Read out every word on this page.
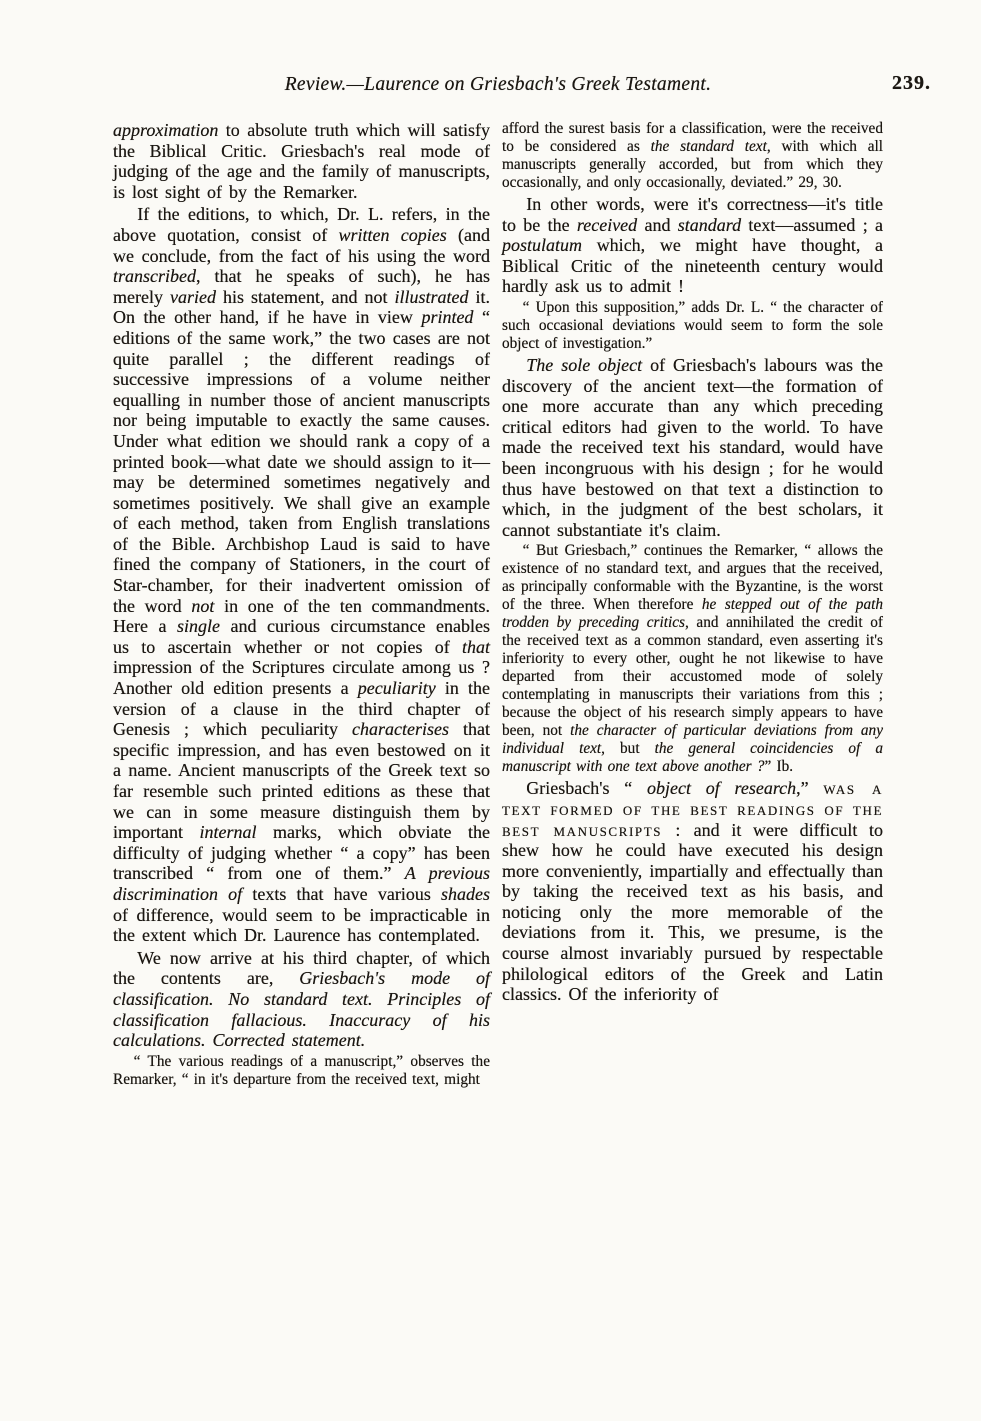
Review.—Laurence on Griesbach's Greek Testament.	239.

approximation to absolute truth which will satisfy the Biblical Critic. Griesbach's real mode of judging of the age and the family of manuscripts, is lost sight of by the Remarker.

If the editions, to which, Dr. L. refers, in the above quotation, consist of written copies (and we conclude, from the fact of his using the word transcribed, that he speaks of such), he has merely varied his statement, and not illustrated it. On the other hand, if he have in view printed “ editions of the same work,” the two cases are not quite parallel ; the different readings of successive impressions of a volume neither equalling in number those of ancient manuscripts nor being imputable to exactly the same causes. Under what edition we should rank a copy of a printed book—what date we should assign to it—may be determined sometimes negatively and sometimes positively. We shall give an example of each method, taken from English translations of the Bible. Archbishop Laud is said to have fined the company of Stationers, in the court of Star-chamber, for their inadvertent omission of the word not in one of the ten commandments. Here a single and curious circumstance enables us to ascertain whether or not copies of that impression of the Scriptures circulate among us ? Another old edition presents a peculiarity in the version of a clause in the third chapter of Genesis ; which peculiarity characterises that specific impression, and has even bestowed on it a name. Ancient manuscripts of the Greek text so far resemble such printed editions as these that we can in some measure distinguish them by important internal marks, which obviate the difficulty of judging whether “ a copy” has been transcribed “ from one of them.” A previous discrimination of texts that have various shades of difference, would seem to be impracticable in the extent which Dr. Laurence has contemplated.

We now arrive at his third chapter, of which the contents are, Griesbach's mode of classification. No standard text. Principles of classification fallacious. Inaccuracy of his calculations. Corrected statement.

“ The various readings of a manuscript,” observes the Remarker, “ in it's departure from the received text, might

afford the surest basis for a classification, were the received to be considered as the standard text, with which all manuscripts generally accorded, but from which they occasionally, and only occasionally, deviated.” 29, 30.

In other words, were it's correctness—it's title to be the received and standard text—assumed ; a postulatum which, we might have thought, a Biblical Critic of the nineteenth century would hardly ask us to admit !

“ Upon this supposition,” adds Dr. L. “ the character of such occasional deviations would seem to form the sole object of investigation.”

The sole object of Griesbach's labours was the discovery of the ancient text—the formation of one more accurate than any which preceding critical editors had given to the world. To have made the received text his standard, would have been incongruous with his design ; for he would thus have bestowed on that text a distinction to which, in the judgment of the best scholars, it cannot substantiate it's claim.

“ But Griesbach,” continues the Remarker, “ allows the existence of no standard text, and argues that the received, as principally conformable with the Byzantine, is the worst of the three. When therefore he stepped out of the path trodden by preceding critics, and annihilated the credit of the received text as a common standard, even asserting it's inferiority to every other, ought he not likewise to have departed from their accustomed mode of solely contemplating in manuscripts their variations from this ; because the object of his research simply appears to have been, not the character of particular deviations from any individual text, but the general coincidencies of a manuscript with one text above another ?” Ib.

Griesbach's “ object of research,” was a text formed of the best readings of the best manuscripts : and it were difficult to shew how he could have executed his design more conveniently, impartially and effectually than by taking the received text as his basis, and noticing only the more memorable of the deviations from it. This, we presume, is the course almost invariably pursued by respectable philological editors of the Greek and Latin classics. Of the inferiority of
